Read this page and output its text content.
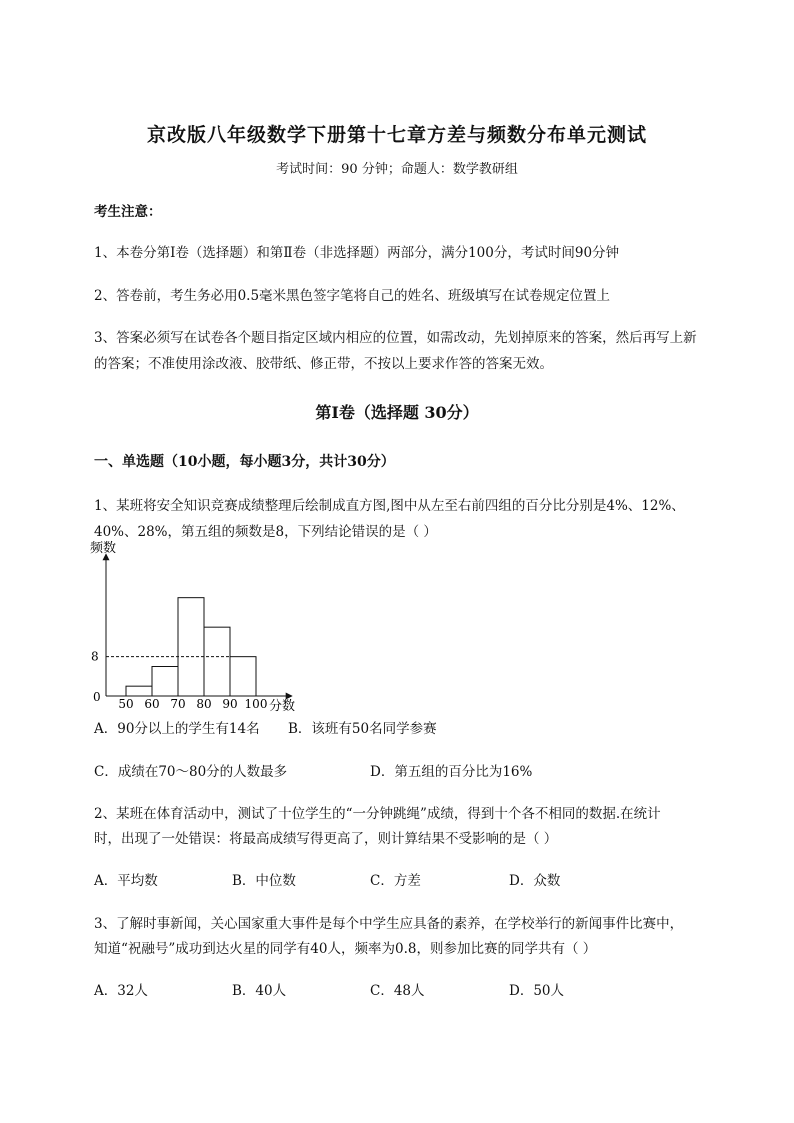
京改版八年级数学下册第十七章方差与频数分布单元测试
考试时间：90 分钟；命题人：数学教研组
考生注意：
1、本卷分第Ⅰ卷（选择题）和第Ⅱ卷（非选择题）两部分，满分100分，考试时间90分钟
2、答卷前，考生务必用0.5毫米黑色签字笔将自己的姓名、班级填写在试卷规定位置上
3、答案必须写在试卷各个题目指定区域内相应的位置，如需改动，先划掉原来的答案，然后再写上新
的答案；不准使用涂改液、胶带纸、修正带，不按以上要求作答的答案无效。
第Ⅰ卷（选择题 30分）
一、单选题（10小题，每小题3分，共计30分）
1、某班将安全知识竞赛成绩整理后绘制成直方图,图中从左至右前四组的百分比分别是4%、12%、
40%、28%，第五组的频数是8，下列结论错误的是（ ）
频数
分数
0
8
50 60 70 80 90 100
A．90分以上的学生有14名 B．该班有50名同学参赛
C．成绩在70～80分的人数最多	D．第五组的百分比为16%
2、某班在体育活动中，测试了十位学生的“一分钟跳绳”成绩，得到十个各不相同的数据.在统计
时，出现了一处错误：将最高成绩写得更高了，则计算结果不受影响的是（ ）
A．平均数	B．中位数	C．方差	D．众数
3、了解时事新闻，关心国家重大事件是每个中学生应具备的素养，在学校举行的新闻事件比赛中，
知道“祝融号”成功到达火星的同学有40人，频率为0.8，则参加比赛的同学共有（ ）
A．32人	B．40人	C．48人	D．50人
